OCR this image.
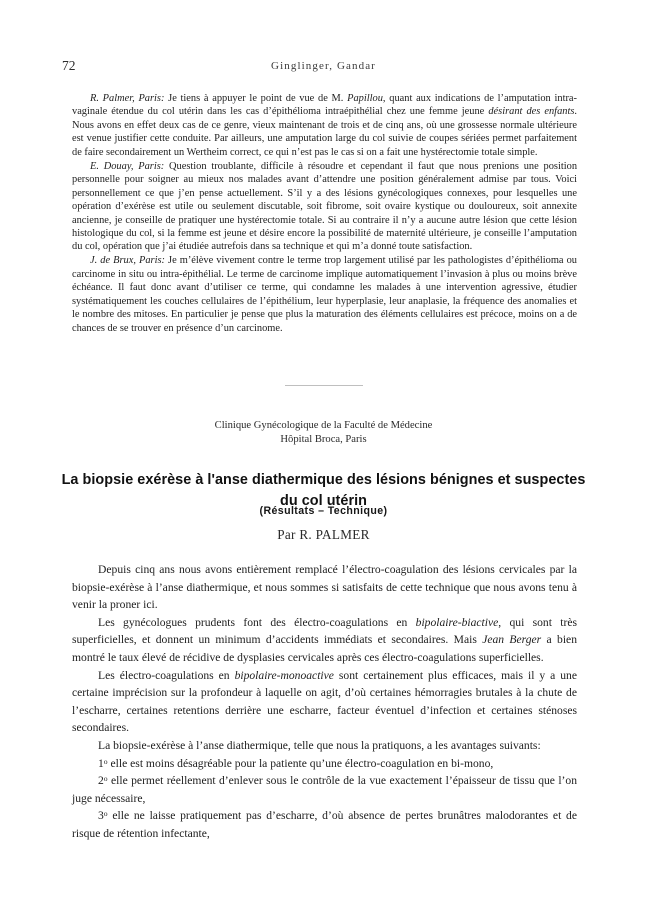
72	Ginglinger, Gandar

R. Palmer, Paris: Je tiens à appuyer le point de vue de M. Papillou, quant aux indications de l’amputation intra-vaginale étendue du col utérin dans les cas d’épithélioma intraépithélial chez une femme jeune désirant des enfants. Nous avons en effet deux cas de ce genre, vieux maintenant de trois et de cinq ans, où une grossesse normale ultérieure est venue justifier cette conduite. Par ailleurs, une amputation large du col suivie de coupes sériées permet parfaitement de faire secondairement un Wertheim correct, ce qui n’est pas le cas si on a fait une hystérectomie totale simple.

E. Douay, Paris: Question troublante, difficile à résoudre et cependant il faut que nous prenions une position personnelle pour soigner au mieux nos malades avant d’attendre une position généralement admise par tous. Voici personnellement ce que j’en pense actuellement. S’il y a des lésions gynécologiques connexes, pour lesquelles une opération d’exérèse est utile ou seulement discutable, soit fibrome, soit ovaire kystique ou douloureux, soit annexite ancienne, je conseille de pratiquer une hystérectomie totale. Si au contraire il n’y a aucune autre lésion que cette lésion histologique du col, si la femme est jeune et désire encore la possibilité de maternité ultérieure, je conseille l’amputation du col, opération que j’ai étudiée autrefois dans sa technique et qui m’a donné toute satisfaction.

J. de Brux, Paris: Je m’élève vivement contre le terme trop largement utilisé par les pathologistes d’épithélioma ou carcinome in situ ou intra-épithélial. Le terme de carcinome implique automatiquement l’invasion à plus ou moins brève échéance. Il faut donc avant d’utiliser ce terme, qui condamne les malades à une intervention agressive, étudier systématiquement les couches cellulaires de l’épithélium, leur hyperplasie, leur anaplasie, la fréquence des anomalies et le nombre des mitoses. En particulier je pense que plus la maturation des éléments cellulaires est précoce, moins on a de chances de se trouver en présence d’un carcinome.

Clinique Gynécologique de la Faculté de Médecine
Hôpital Broca, Paris
La biopsie exérèse à l'anse diathermique des lésions bénignes et suspectes du col utérin
(Résultats – Technique)
Par R. PALMER

Depuis cinq ans nous avons entièrement remplacé l’électro-coagulation des lésions cervicales par la biopsie-exérèse à l’anse diathermique, et nous sommes si satisfaits de cette technique que nous avons tenu à venir la proner ici.

Les gynécologues prudents font des électro-coagulations en bipolaire-biactive, qui sont très superficielles, et donnent un minimum d’accidents immédiats et secondaires. Mais Jean Berger a bien montré le taux élevé de récidive de dysplasies cervicales après ces électro-coagulations superficielles.

Les électro-coagulations en bipolaire-monoactive sont certainement plus efficaces, mais il y a une certaine imprécision sur la profondeur à laquelle on agit, d’où certaines hémorragies brutales à la chute de l’escharre, certaines retentions derrière une escharre, facteur éventuel d’infection et certaines sténoses secondaires.

La biopsie-exérèse à l’anse diathermique, telle que nous la pratiquons, a les avantages suivants:

1$^o$ elle est moins désagréable pour la patiente qu’une électro-coagulation en bi-mono,

2$^o$ elle permet réellement d’enlever sous le contrôle de la vue exactement l’épaisseur de tissu que l’on juge nécessaire,

3$^o$ elle ne laisse pratiquement pas d’escharre, d’où absence de pertes brunâtres malodorantes et de risque de rétention infectante,
